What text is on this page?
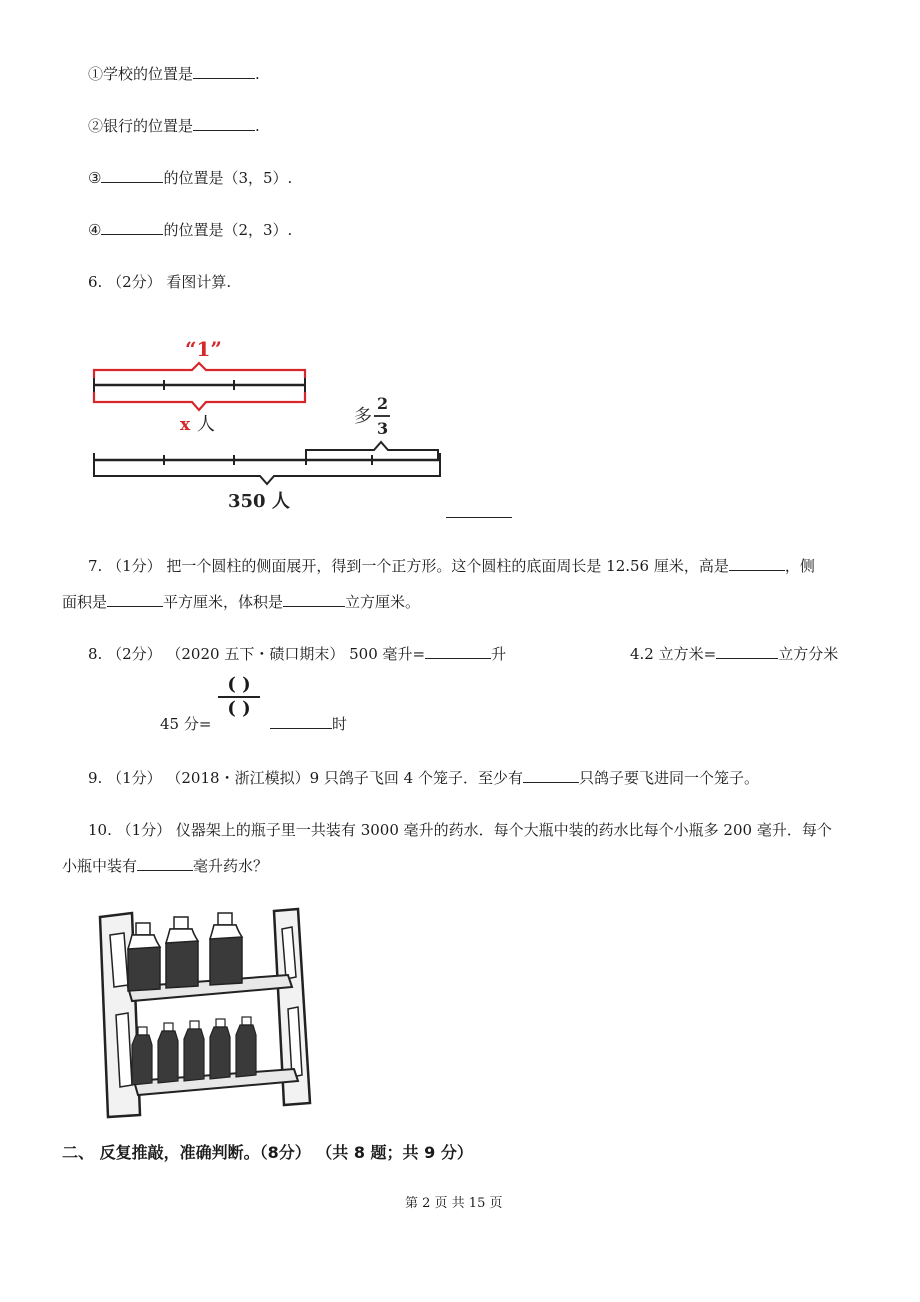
①学校的位置是	.
②银行的位置是	.
③	的位置是（3，5）.
④	的位置是（2，3）.
6. （2分） 看图计算.
“1”
x 人	多
2
3
350 人
7. （1分） 把一个圆柱的侧面展开，得到一个正方形。这个圆柱的底面周长是 12.56 厘米，高是	，侧
面积是	平方厘米，体积是	立方厘米。
8. （2分） （2020 五下・碛口期末） 500 毫升=	升	4.2 立方米=	立方分米
45 分=
( )
( )
时
9. （1分） （2018・浙江模拟）9 只鸽子飞回 4 个笼子．至少有	只鸽子要飞进同一个笼子。
10. （1分） 仪器架上的瓶子里一共装有 3000 毫升的药水．每个大瓶中装的药水比每个小瓶多 200 毫升．每个
小瓶中装有	毫升药水？
二、 反复推敲，准确判断。（8分） （共 8 题；共 9 分）
第 2 页 共 15 页
